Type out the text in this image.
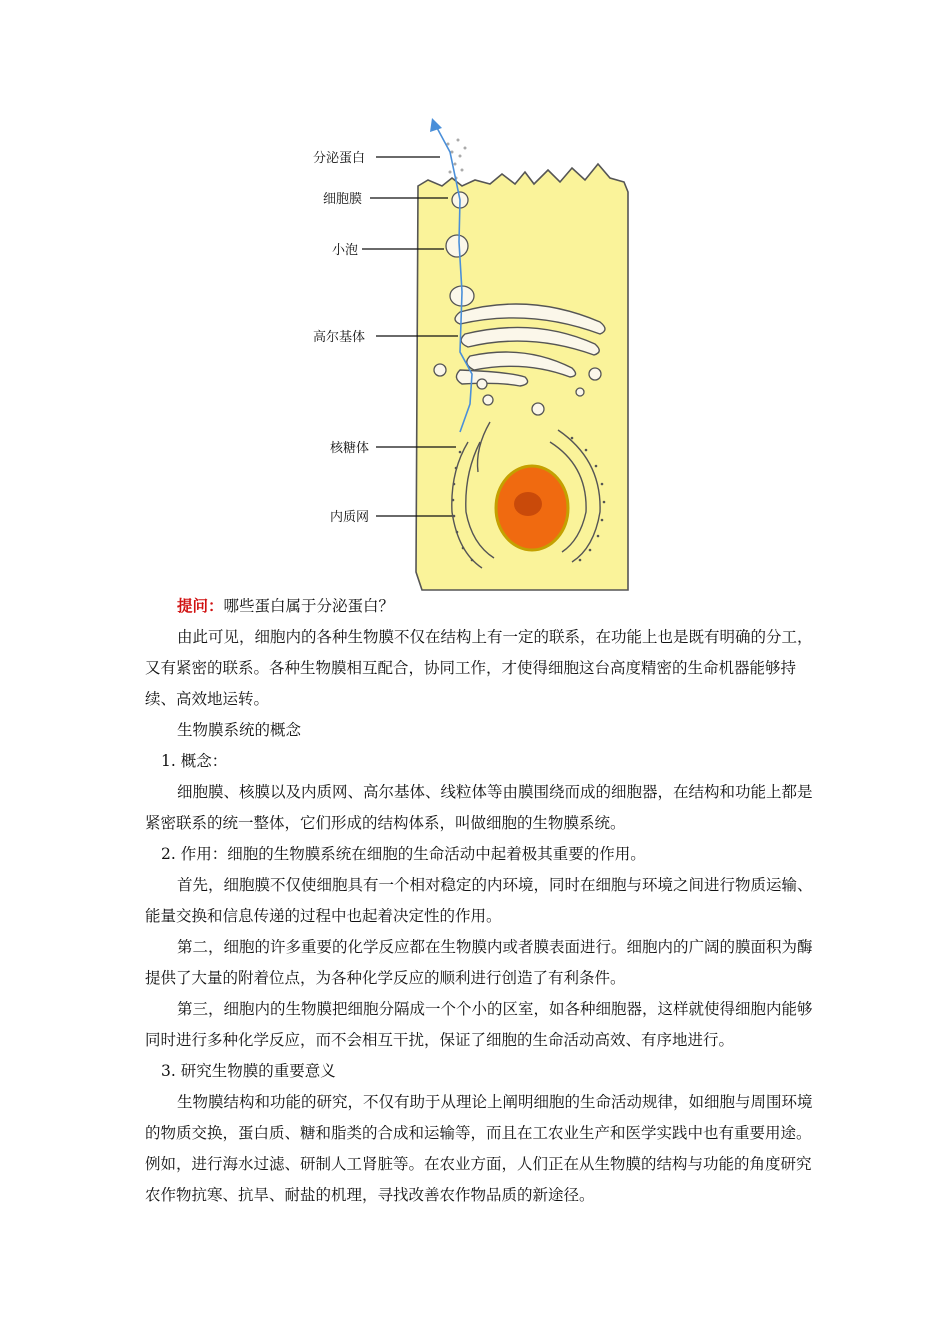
分泌蛋白
细胞膜
小泡
高尔基体
核糖体
内质网

提问：哪些蛋白属于分泌蛋白？

由此可见，细胞内的各种生物膜不仅在结构上有一定的联系，在功能上也是既有明确的分工，又有紧密的联系。各种生物膜相互配合，协同工作，才使得细胞这台高度精密的生命机器能够持续、高效地运转。

生物膜系统的概念

1. 概念：

细胞膜、核膜以及内质网、高尔基体、线粒体等由膜围绕而成的细胞器，在结构和功能上都是紧密联系的统一整体，它们形成的结构体系，叫做细胞的生物膜系统。

2. 作用：细胞的生物膜系统在细胞的生命活动中起着极其重要的作用。

首先，细胞膜不仅使细胞具有一个相对稳定的内环境，同时在细胞与环境之间进行物质运输、能量交换和信息传递的过程中也起着决定性的作用。

第二，细胞的许多重要的化学反应都在生物膜内或者膜表面进行。细胞内的广阔的膜面积为酶提供了大量的附着位点，为各种化学反应的顺利进行创造了有利条件。

第三，细胞内的生物膜把细胞分隔成一个个小的区室，如各种细胞器，这样就使得细胞内能够同时进行多种化学反应，而不会相互干扰，保证了细胞的生命活动高效、有序地进行。

3. 研究生物膜的重要意义

生物膜结构和功能的研究，不仅有助于从理论上阐明细胞的生命活动规律，如细胞与周围环境的物质交换，蛋白质、糖和脂类的合成和运输等，而且在工农业生产和医学实践中也有重要用途。例如，进行海水过滤、研制人工肾脏等。在农业方面，人们正在从生物膜的结构与功能的角度研究农作物抗寒、抗旱、耐盐的机理，寻找改善农作物品质的新途径。
